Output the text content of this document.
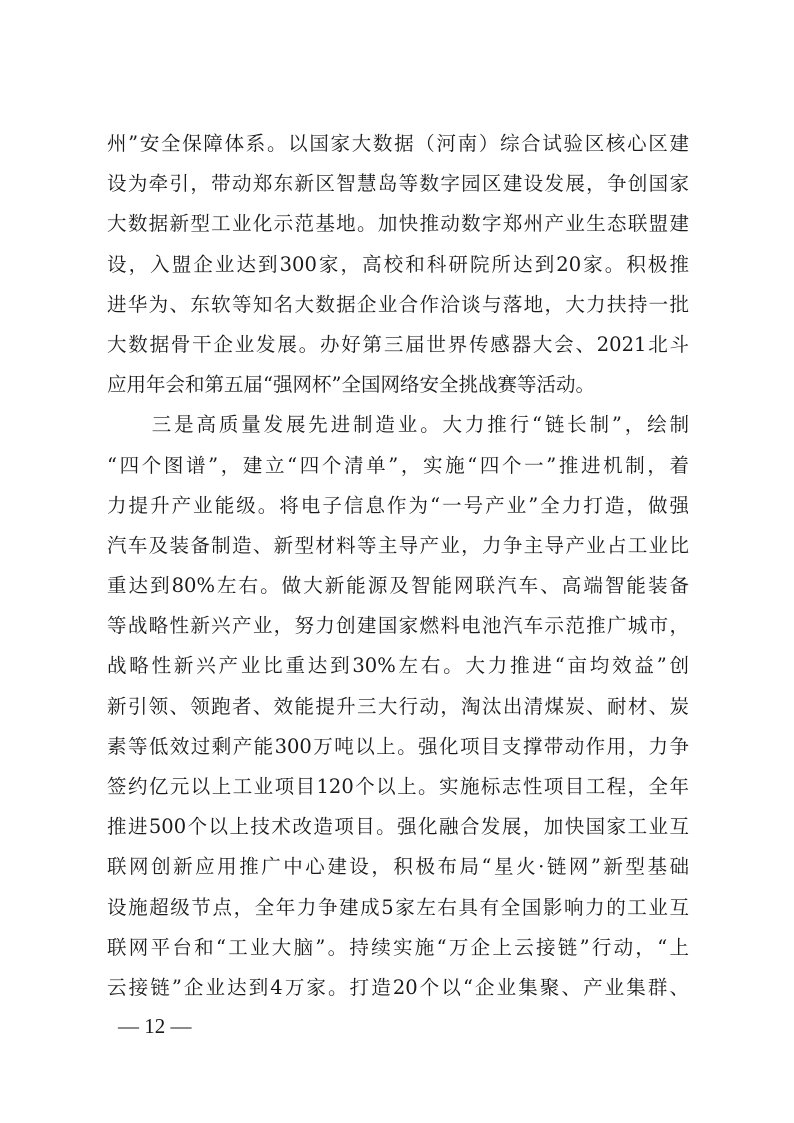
州”安全保障体系。以国家大数据（河南）综合试验区核心区建
设为牵引，带动郑东新区智慧岛等数字园区建设发展，争创国家
大数据新型工业化示范基地。加快推动数字郑州产业生态联盟建
设，入盟企业达到300家，高校和科研院所达到20家。积极推
进华为、东软等知名大数据企业合作洽谈与落地，大力扶持一批
大数据骨干企业发展。办好第三届世界传感器大会、2021北斗
应用年会和第五届“强网杯”全国网络安全挑战赛等活动。
　　三是高质量发展先进制造业。大力推行“链长制”，绘制
“四个图谱”，建立“四个清单”，实施“四个一”推进机制，着
力提升产业能级。将电子信息作为“一号产业”全力打造，做强
汽车及装备制造、新型材料等主导产业，力争主导产业占工业比
重达到80%左右。做大新能源及智能网联汽车、高端智能装备
等战略性新兴产业，努力创建国家燃料电池汽车示范推广城市，
战略性新兴产业比重达到30%左右。大力推进“亩均效益”创
新引领、领跑者、效能提升三大行动，淘汰出清煤炭、耐材、炭
素等低效过剩产能300万吨以上。强化项目支撑带动作用，力争
签约亿元以上工业项目120个以上。实施标志性项目工程，全年
推进500个以上技术改造项目。强化融合发展，加快国家工业互
联网创新应用推广中心建设，积极布局“星火·链网”新型基础
设施超级节点，全年力争建成5家左右具有全国影响力的工业互
联网平台和“工业大脑”。持续实施“万企上云接链”行动，“上
云接链”企业达到4万家。打造20个以“企业集聚、产业集群、
— 12 —
